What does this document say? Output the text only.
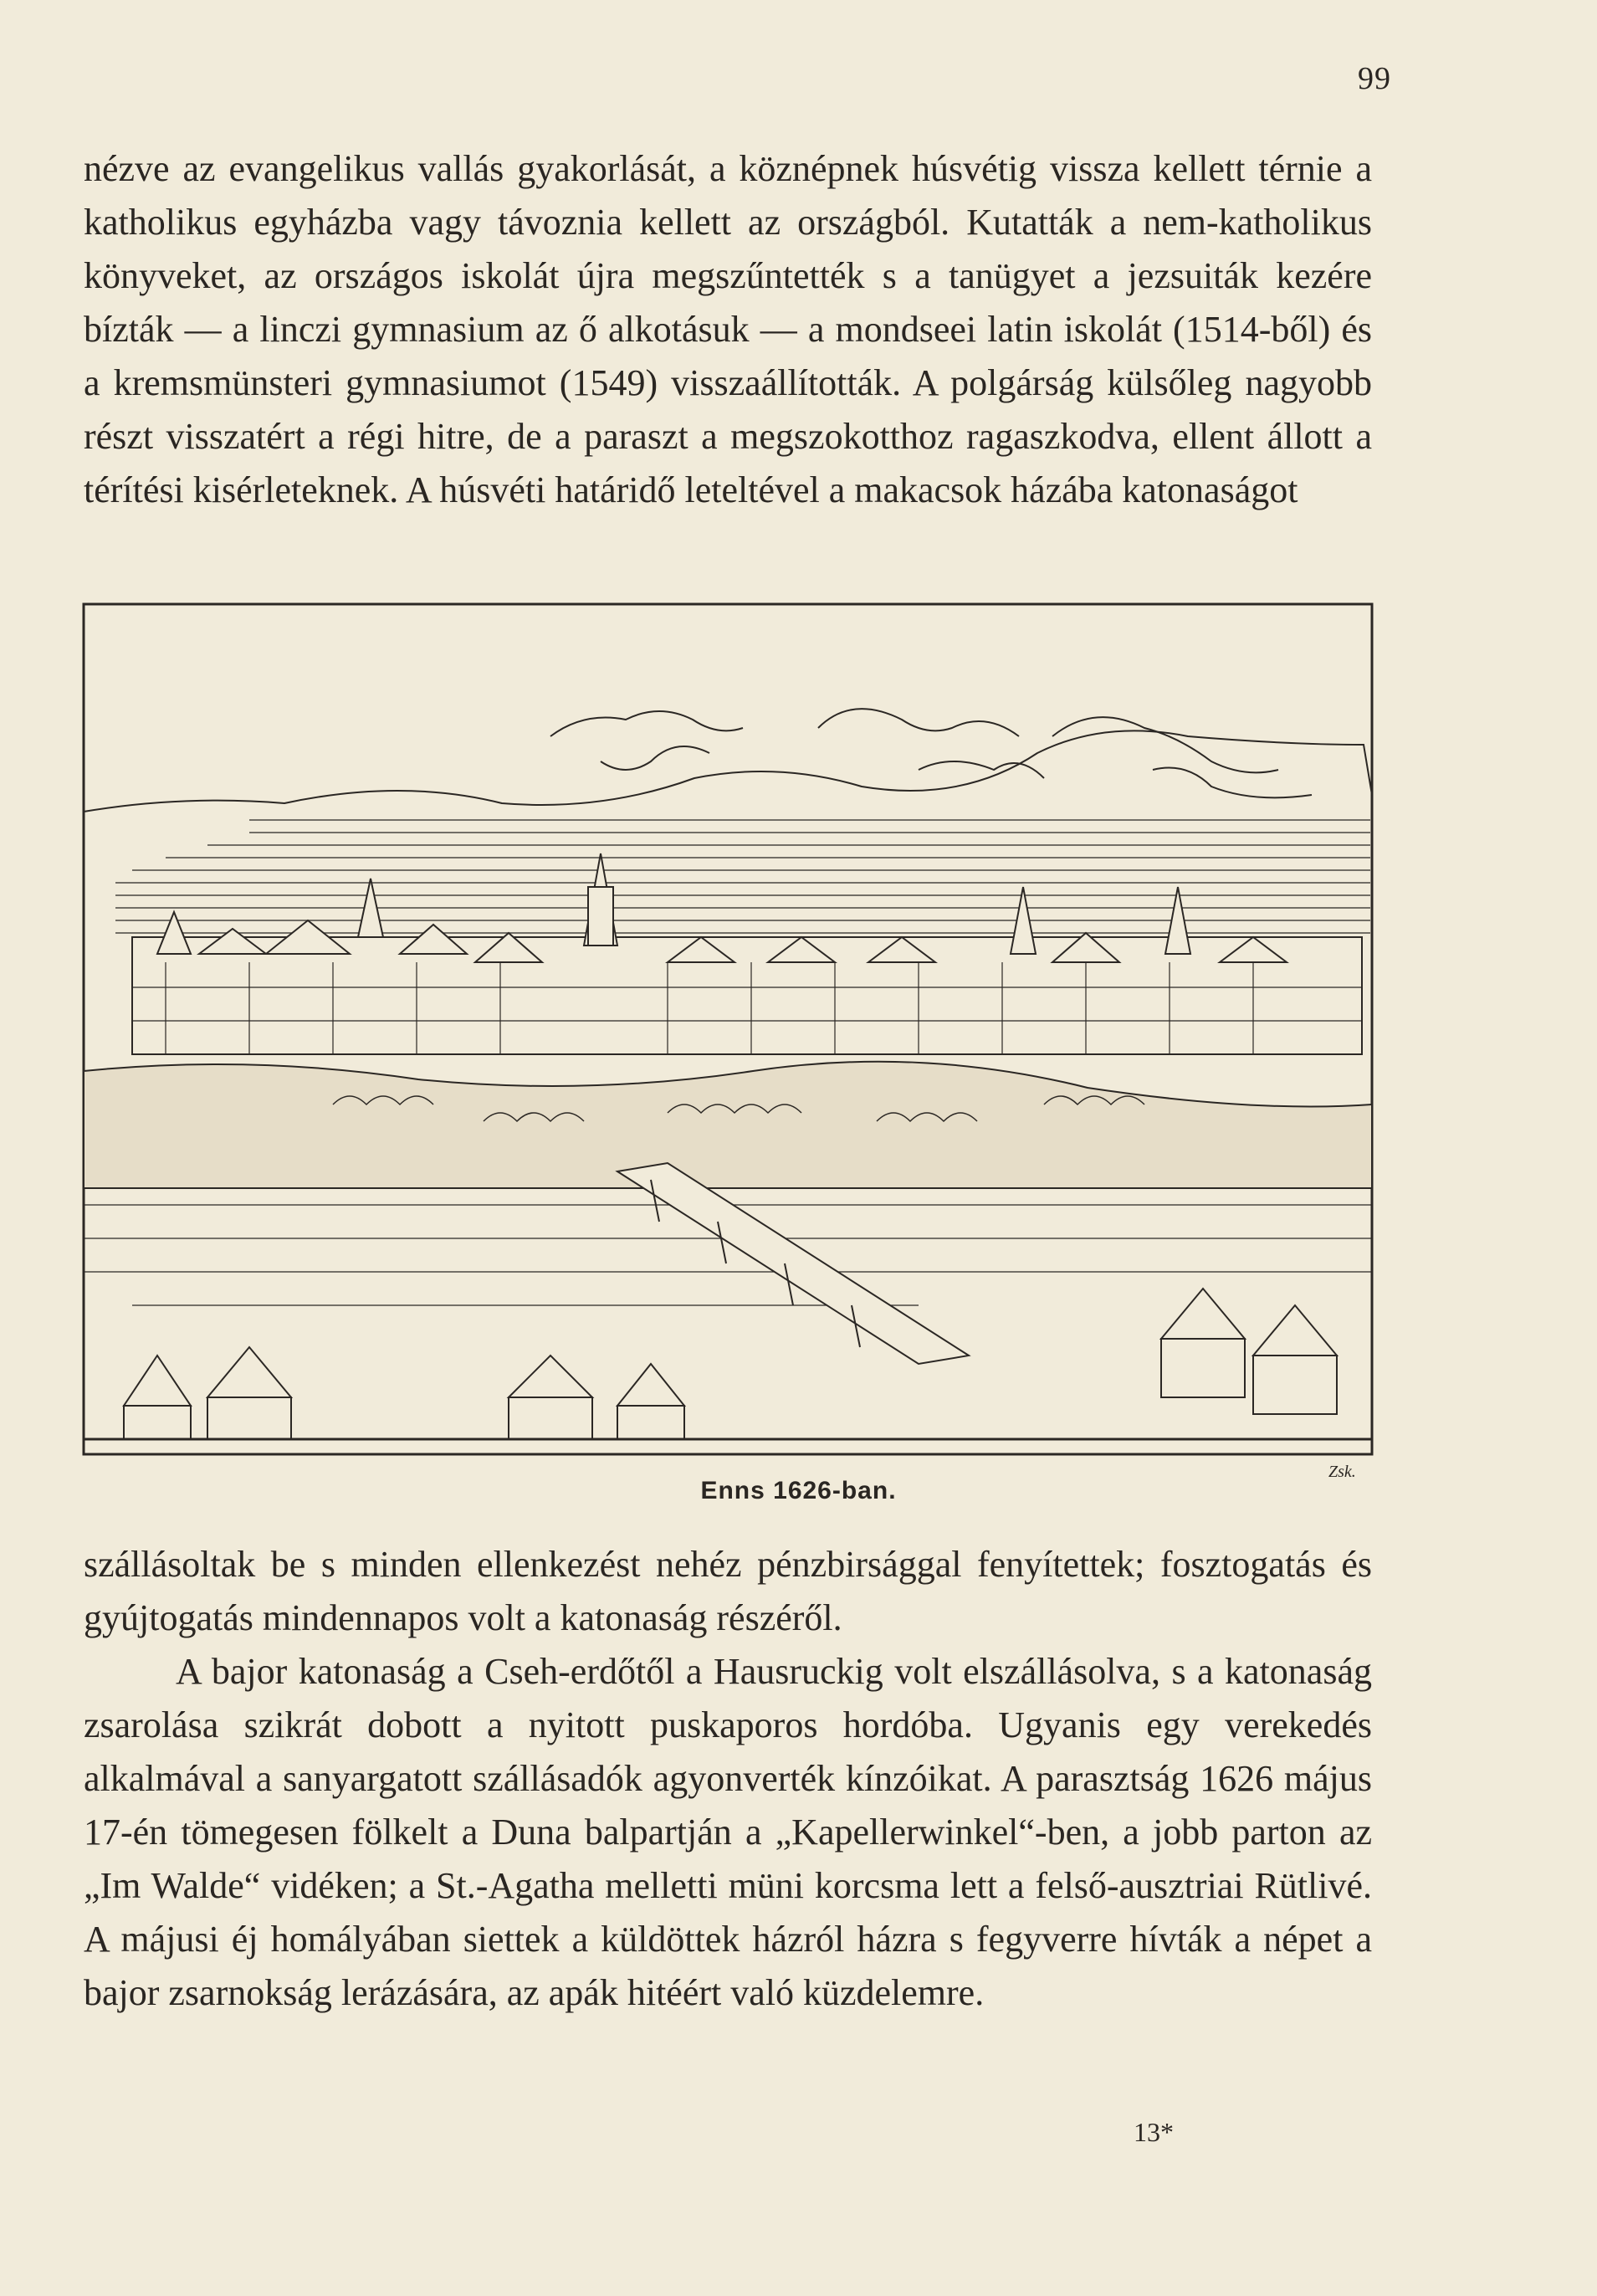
99

nézve az evangelikus vallás gyakorlását, a köznépnek húsvétig vissza kellett térnie a katholikus egyházba vagy távoznia kellett az országból. Kutatták a nem-katholikus könyveket, az országos iskolát újra megszűntették s a tanügyet a jezsuiták kezére bízták — a linczi gymnasium az ő alkotásuk — a mondseei latin iskolát (1514-ből) és a kremsmünsteri gymnasiumot (1549) visszaállították. A polgárság külsőleg nagyobb részt visszatért a régi hitre, de a paraszt a megszokotthoz ragaszkodva, ellent állott a térítési kisérleteknek. A húsvéti határidő leteltével a makacsok házába katonaságot

Enns 1626-ban.
Zsk.

szállásoltak be s minden ellenkezést nehéz pénzbirsággal fenyítettek; fosztogatás és gyújtogatás mindennapos volt a katonaság részéről.

A bajor katonaság a Cseh-erdőtől a Hausruckig volt elszállásolva, s a katonaság zsarolása szikrát dobott a nyitott puskaporos hordóba. Ugyanis egy verekedés alkalmával a sanyargatott szállásadók agyonverték kínzóikat. A parasztság 1626 május 17-én tömegesen fölkelt a Duna balpartján a „Kapellerwinkel“-ben, a jobb parton az „Im Walde“ vidéken; a St.-Agatha melletti müni korcsma lett a felső-ausztriai Rütlivé. A májusi éj homályában siettek a küldöttek házról házra s fegyverre hívták a népet a bajor zsarnokság lerázására, az apák hitéért való küzdelemre.

13*
